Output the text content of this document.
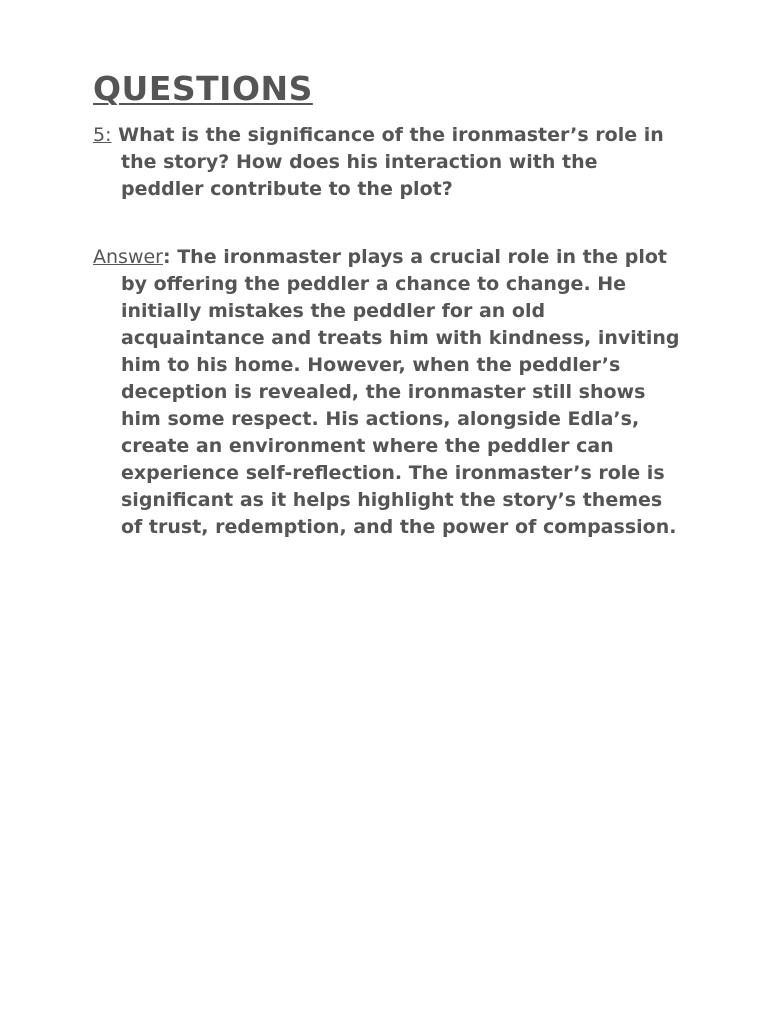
QUESTIONS

5: What is the significance of the ironmaster’s role in the story? How does his interaction with the peddler contribute to the plot?

Answer: The ironmaster plays a crucial role in the plot by offering the peddler a chance to change. He initially mistakes the peddler for an old acquaintance and treats him with kindness, inviting him to his home. However, when the peddler’s deception is revealed, the ironmaster still shows him some respect. His actions, alongside Edla’s, create an environment where the peddler can experience self-reflection. The ironmaster’s role is significant as it helps highlight the story’s themes of trust, redemption, and the power of compassion.
